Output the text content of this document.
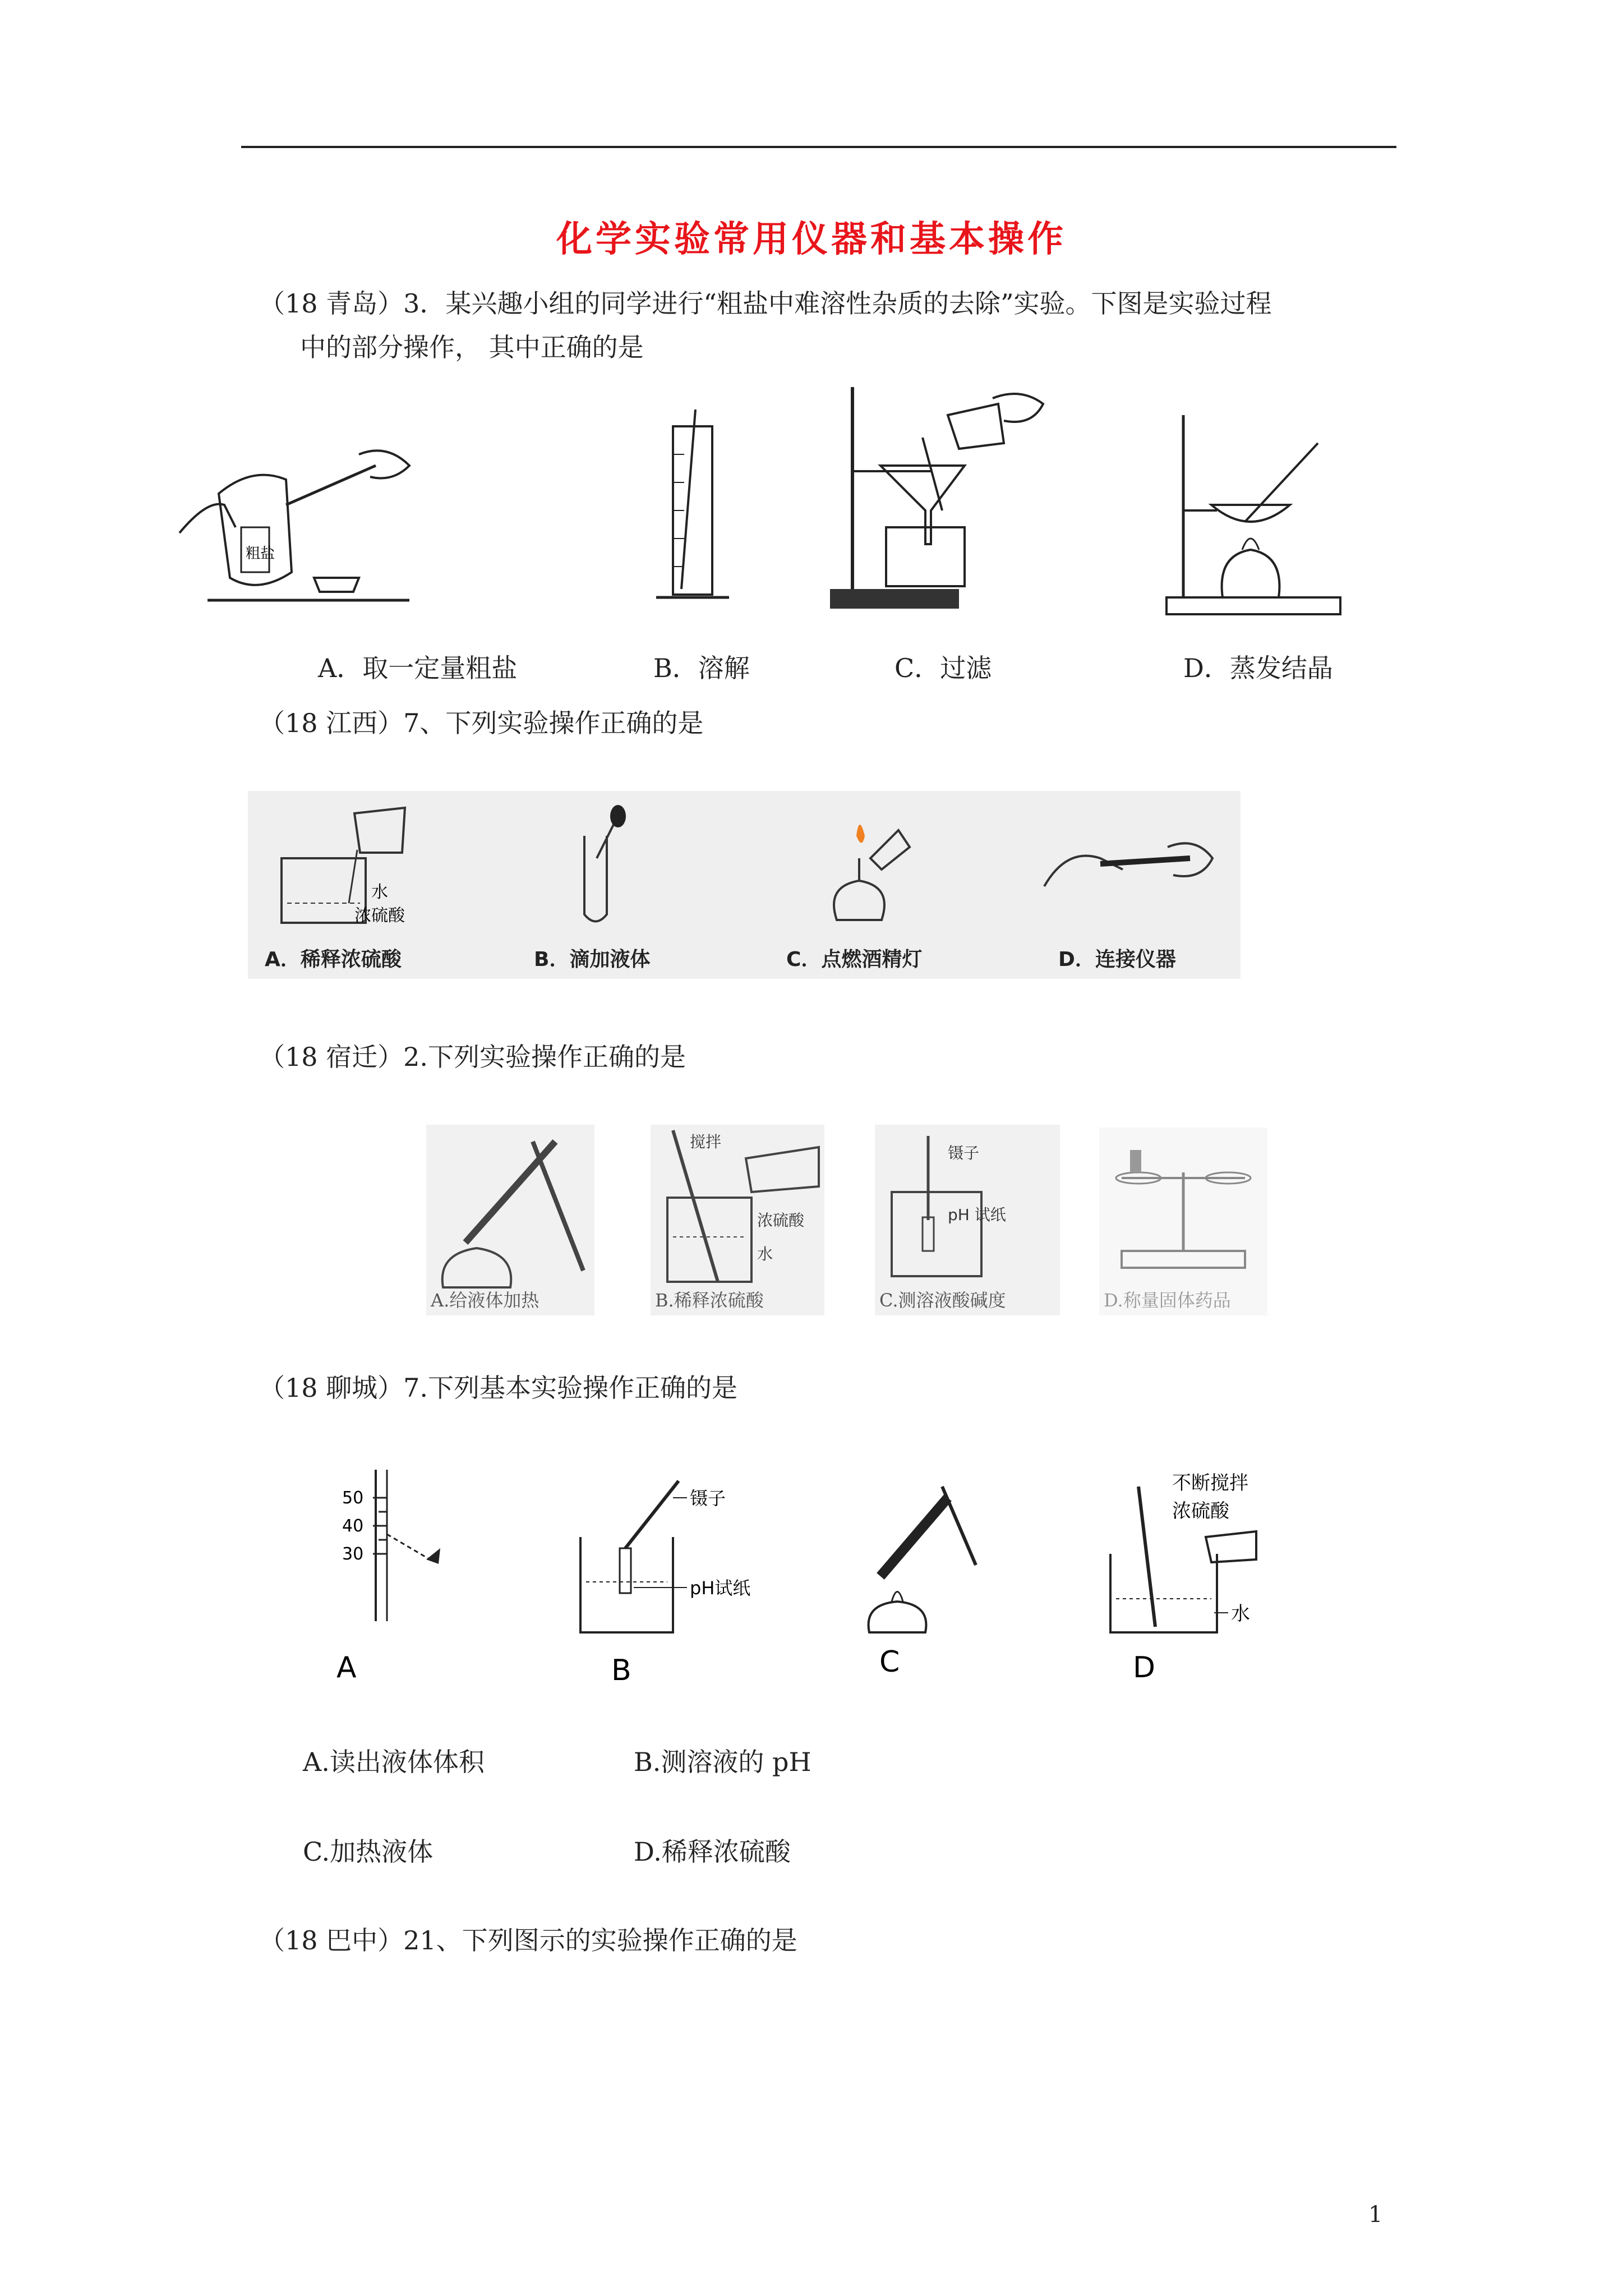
化学实验常用仪器和基本操作
（18 青岛）3．某兴趣小组的同学进行“粗盐中难溶性杂质的去除”实验。下图是实验过程
中的部分操作， 其中正确的是
粗盐
A．取一定量粗盐	B．溶解	C．过滤	D．蒸发结晶
（18 江西）7、下列实验操作正确的是
水
浓硫酸
A．稀释浓硫酸	B．滴加液体	C．点燃酒精灯	D．连接仪器
（18 宿迁）2.下列实验操作正确的是
A.给液体加热
搅拌
浓硫酸
水
B.稀释浓硫酸
镊子
pH 试纸
C.测溶液酸碱度	D.称量固体药品
（18 聊城）7.下列基本实验操作正确的是
50
40
30
A
镊子
pH试纸
B	C
不断搅拌
浓硫酸
水
D
A.读出液体体积	B.测溶液的 pH
C.加热液体	D.稀释浓硫酸
（18 巴中）21、下列图示的实验操作正确的是
1
